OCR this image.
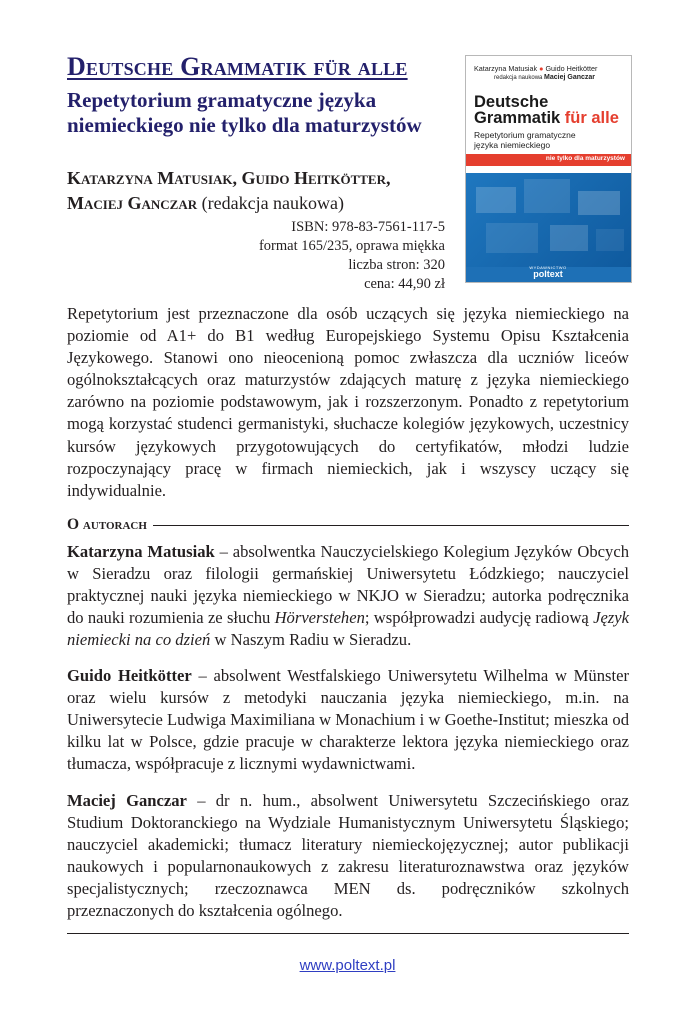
Deutsche Grammatik für alle
Repetytorium gramatyczne języka niemieckiego nie tylko dla maturzystów
Katarzyna Matusiak, Guido Heitkötter,
Maciej Ganczar (redakcja naukowa)
ISBN: 978-83-7561-117-5
format 165/235, oprawa miękka
liczba stron: 320
cena: 44,90 zł
Katarzyna Matusiak ● Guido Heitkötter
redakcja naukowa Maciej Ganczar
Deutsche
Grammatik für alle
Repetytorium gramatyczne
języka niemieckiego
nie tylko dla maturzystów
WYDAWNICTWO
poltext

Repetytorium jest przeznaczone dla osób uczących się języka niemieckiego na poziomie od A1+ do B1 według Europejskiego Systemu Opisu Kształcenia Językowego. Stanowi ono nieocenioną pomoc zwłaszcza dla uczniów liceów ogólnokształcących oraz maturzystów zdających maturę z języka niemieckiego zarówno na poziomie podstawowym, jak i rozszerzonym. Ponadto z repetytorium mogą korzystać studenci germanistyki, słuchacze kolegiów językowych, uczestnicy kursów językowych przygotowujących do certyfikatów, młodzi ludzie rozpoczynający pracę w firmach niemieckich, jak i wszyscy uczący się indywidualnie.

O autorach

Katarzyna Matusiak – absolwentka Nauczycielskiego Kolegium Języków Obcych w Sieradzu oraz filologii germańskiej Uniwersytetu Łódzkiego; nauczyciel praktycznej nauki języka niemieckiego w NKJO w Sieradzu; autorka podręcznika do nauki rozumienia ze słuchu Hörverstehen; współprowadzi audycję radiową Język niemiecki na co dzień w Naszym Radiu w Sieradzu.

Guido Heitkötter – absolwent Westfalskiego Uniwersytetu Wilhelma w Münster oraz wielu kursów z metodyki nauczania języka niemieckiego, m.in. na Uniwersytecie Ludwiga Maximiliana w Monachium i w Goethe-Institut; mieszka od kilku lat w Polsce, gdzie pracuje w charakterze lektora języka niemieckiego oraz tłumacza, współpracuje z licznymi wydawnictwami.

Maciej Ganczar – dr n. hum., absolwent Uniwersytetu Szczecińskiego oraz Studium Doktoranckiego na Wydziale Humanistycznym Uniwersytetu Śląskiego; nauczyciel akademicki; tłumacz literatury niemieckojęzycznej; autor publikacji naukowych i popularnonaukowych z zakresu literaturoznawstwa oraz języków specjalistycznych; rzeczoznawca MEN ds. podręczników szkolnych przeznaczonych do kształcenia ogólnego.

www.poltext.pl
